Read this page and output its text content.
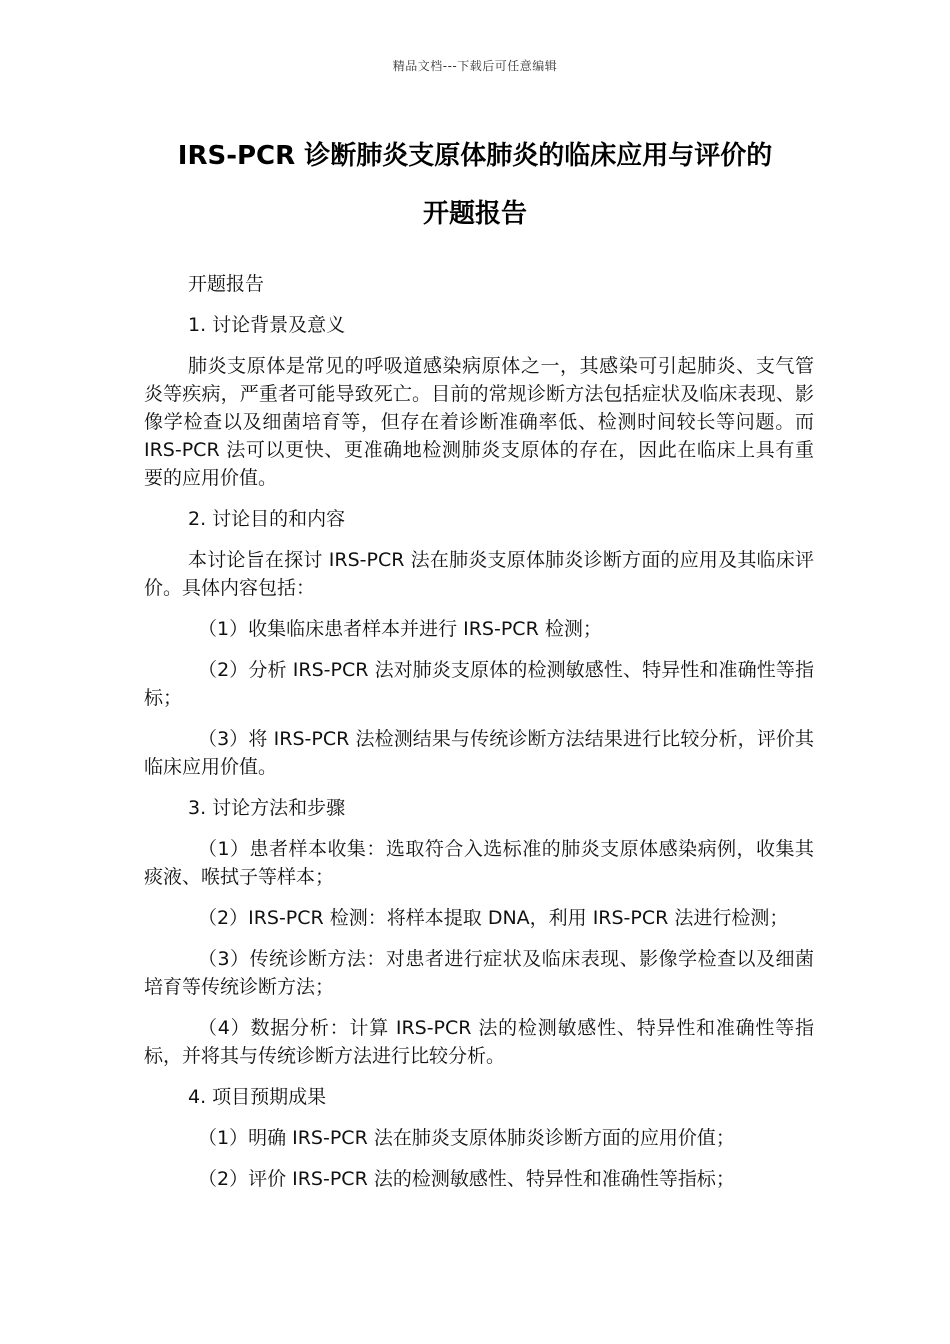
精品文档---下载后可任意编辑
IRS-PCR 诊断肺炎支原体肺炎的临床应用与评价的
开题报告

开题报告

1. 讨论背景及意义

肺炎支原体是常见的呼吸道感染病原体之一，其感染可引起肺炎、支气管炎等疾病，严重者可能导致死亡。目前的常规诊断方法包括症状及临床表现、影像学检查以及细菌培育等，但存在着诊断准确率低、检测时间较长等问题。而 IRS-PCR 法可以更快、更准确地检测肺炎支原体的存在，因此在临床上具有重要的应用价值。

2. 讨论目的和内容

本讨论旨在探讨 IRS-PCR 法在肺炎支原体肺炎诊断方面的应用及其临床评价。具体内容包括：

（1）收集临床患者样本并进行 IRS-PCR 检测；

（2）分析 IRS-PCR 法对肺炎支原体的检测敏感性、特异性和准确性等指标；

（3）将 IRS-PCR 法检测结果与传统诊断方法结果进行比较分析，评价其临床应用价值。

3. 讨论方法和步骤

（1）患者样本收集：选取符合入选标准的肺炎支原体感染病例，收集其痰液、喉拭子等样本；

（2）IRS-PCR 检测：将样本提取 DNA，利用 IRS-PCR 法进行检测；

（3）传统诊断方法：对患者进行症状及临床表现、影像学检查以及细菌培育等传统诊断方法；

（4）数据分析：计算 IRS-PCR 法的检测敏感性、特异性和准确性等指标，并将其与传统诊断方法进行比较分析。

4. 项目预期成果

（1）明确 IRS-PCR 法在肺炎支原体肺炎诊断方面的应用价值；

（2）评价 IRS-PCR 法的检测敏感性、特异性和准确性等指标；
